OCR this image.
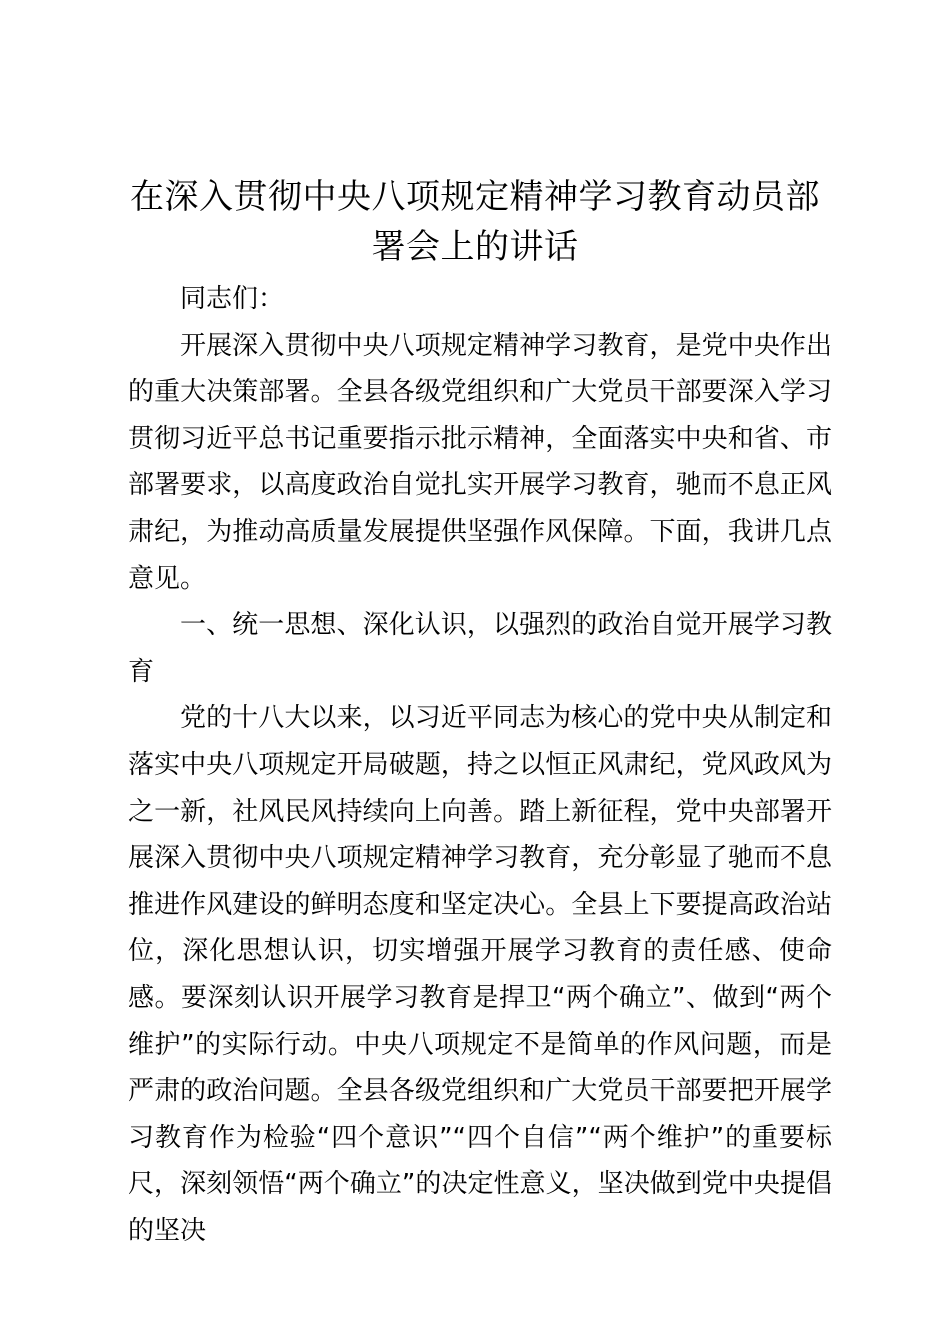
在深入贯彻中央八项规定精神学习教育动员部署会上的讲话

同志们：

开展深入贯彻中央八项规定精神学习教育，是党中央作出的重大决策部署。全县各级党组织和广大党员干部要深入学习贯彻习近平总书记重要指示批示精神，全面落实中央和省、市部署要求，以高度政治自觉扎实开展学习教育，驰而不息正风肃纪，为推动高质量发展提供坚强作风保障。下面，我讲几点意见。

一、统一思想、深化认识，以强烈的政治自觉开展学习教育

党的十八大以来，以习近平同志为核心的党中央从制定和落实中央八项规定开局破题，持之以恒正风肃纪，党风政风为之一新，社风民风持续向上向善。踏上新征程，党中央部署开展深入贯彻中央八项规定精神学习教育，充分彰显了驰而不息推进作风建设的鲜明态度和坚定决心。全县上下要提高政治站位，深化思想认识，切实增强开展学习教育的责任感、使命感。要深刻认识开展学习教育是捍卫“两个确立”、做到“两个维护”的实际行动。中央八项规定不是简单的作风问题，而是严肃的政治问题。全县各级党组织和广大党员干部要把开展学习教育作为检验“四个意识”“四个自信”“两个维护”的重要标尺，深刻领悟“两个确立”的决定性意义，坚决做到党中央提倡的坚决
